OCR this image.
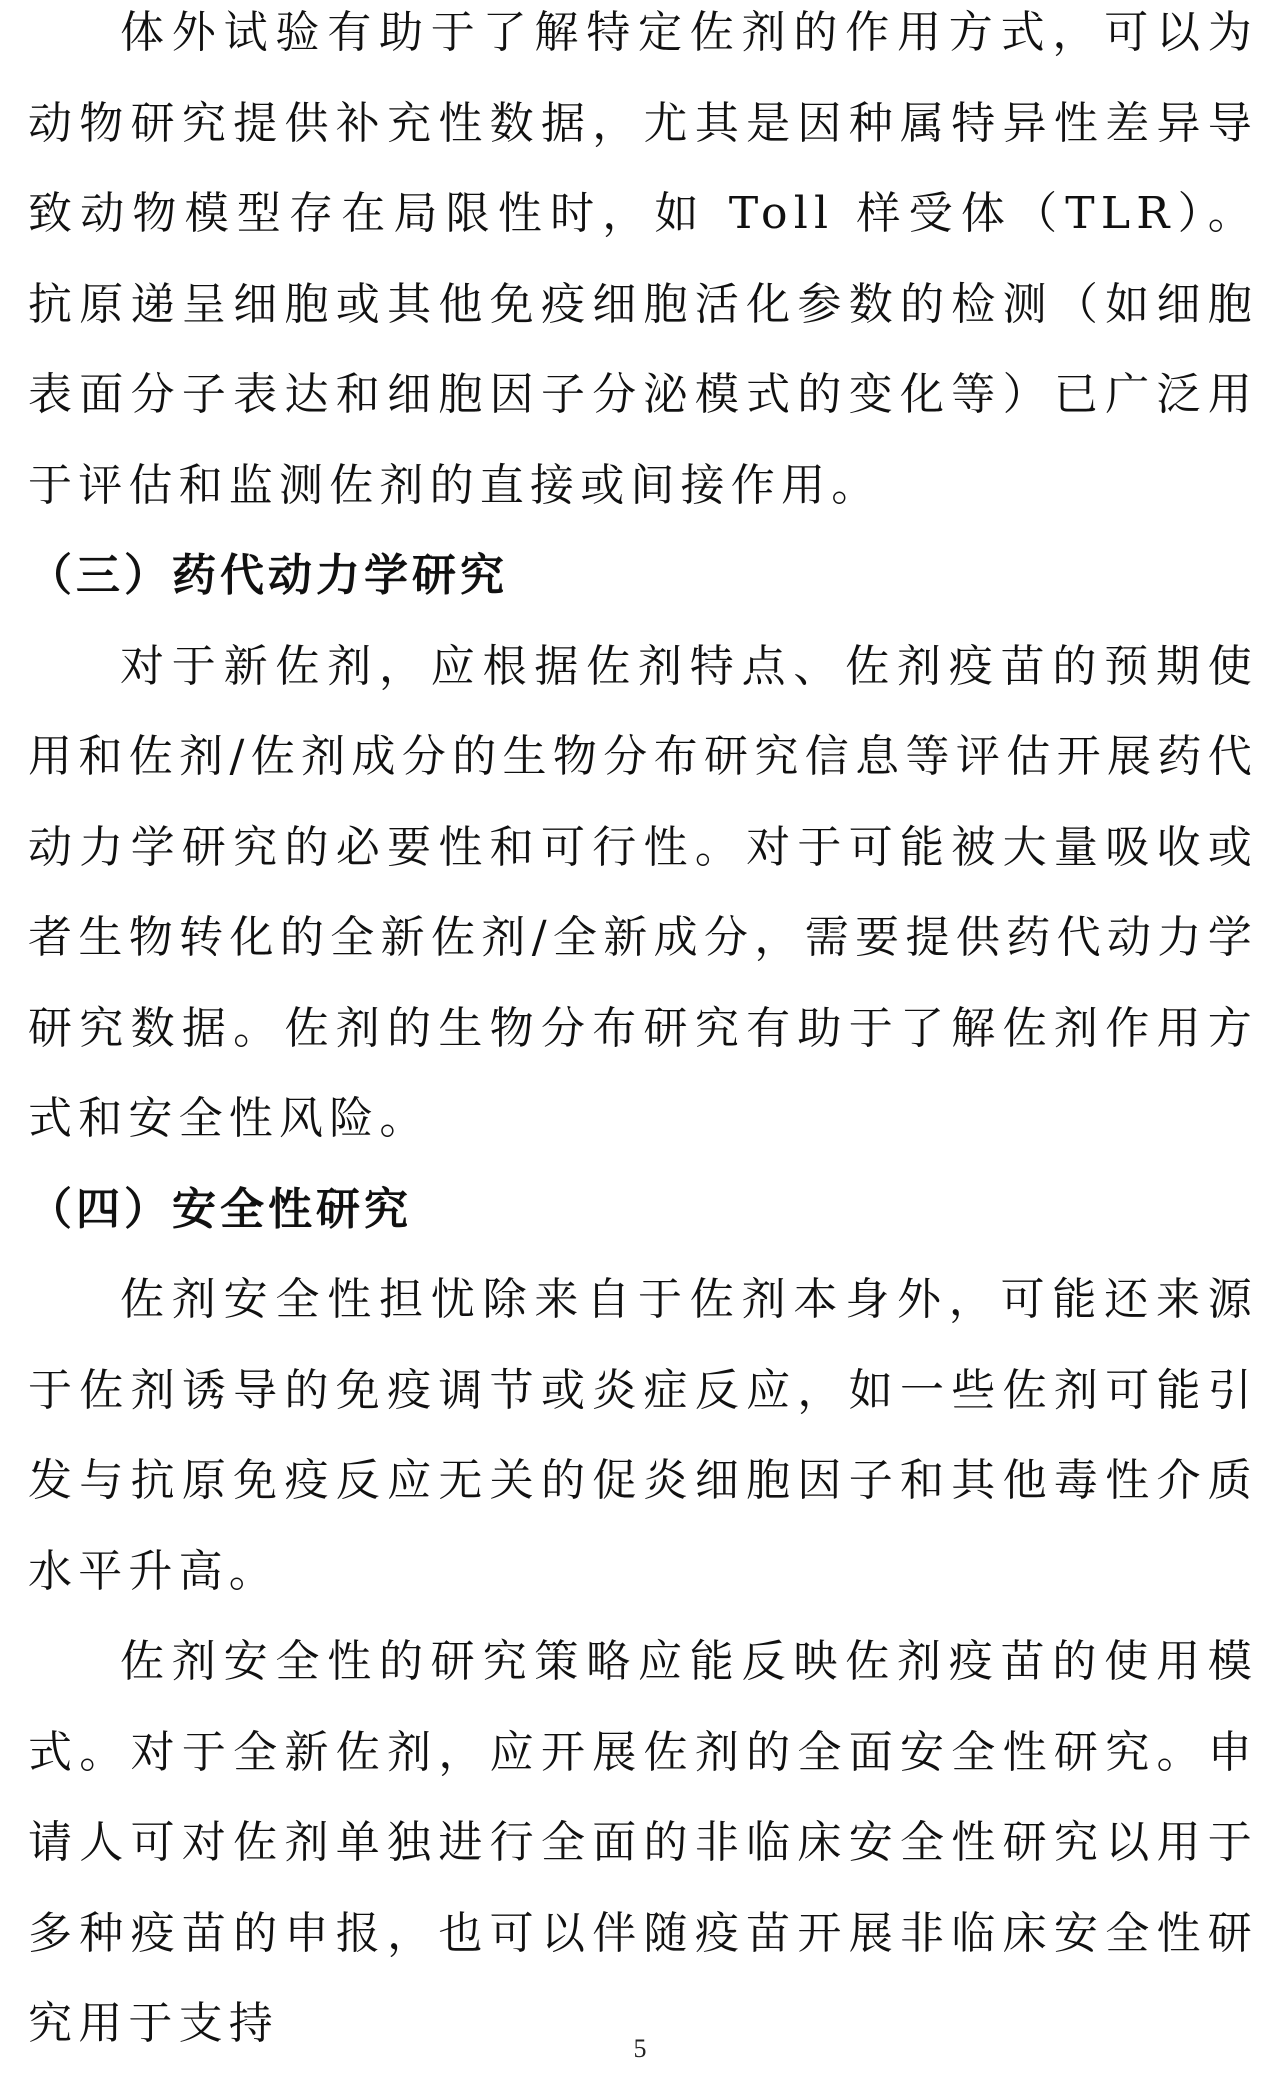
体外试验有助于了解特定佐剂的作用方式，可以为动物研究提供补充性数据，尤其是因种属特异性差异导致动物模型存在局限性时，如 Toll 样受体（TLR）。抗原递呈细胞或其他免疫细胞活化参数的检测（如细胞表面分子表达和细胞因子分泌模式的变化等）已广泛用于评估和监测佐剂的直接或间接作用。

（三）药代动力学研究

对于新佐剂，应根据佐剂特点、佐剂疫苗的预期使用和佐剂/佐剂成分的生物分布研究信息等评估开展药代动力学研究的必要性和可行性。对于可能被大量吸收或者生物转化的全新佐剂/全新成分，需要提供药代动力学研究数据。佐剂的生物分布研究有助于了解佐剂作用方式和安全性风险。

（四）安全性研究

佐剂安全性担忧除来自于佐剂本身外，可能还来源于佐剂诱导的免疫调节或炎症反应，如一些佐剂可能引发与抗原免疫反应无关的促炎细胞因子和其他毒性介质水平升高。

佐剂安全性的研究策略应能反映佐剂疫苗的使用模式。对于全新佐剂，应开展佐剂的全面安全性研究。申请人可对佐剂单独进行全面的非临床安全性研究以用于多种疫苗的申报，也可以伴随疫苗开展非临床安全性研究用于支持	5
